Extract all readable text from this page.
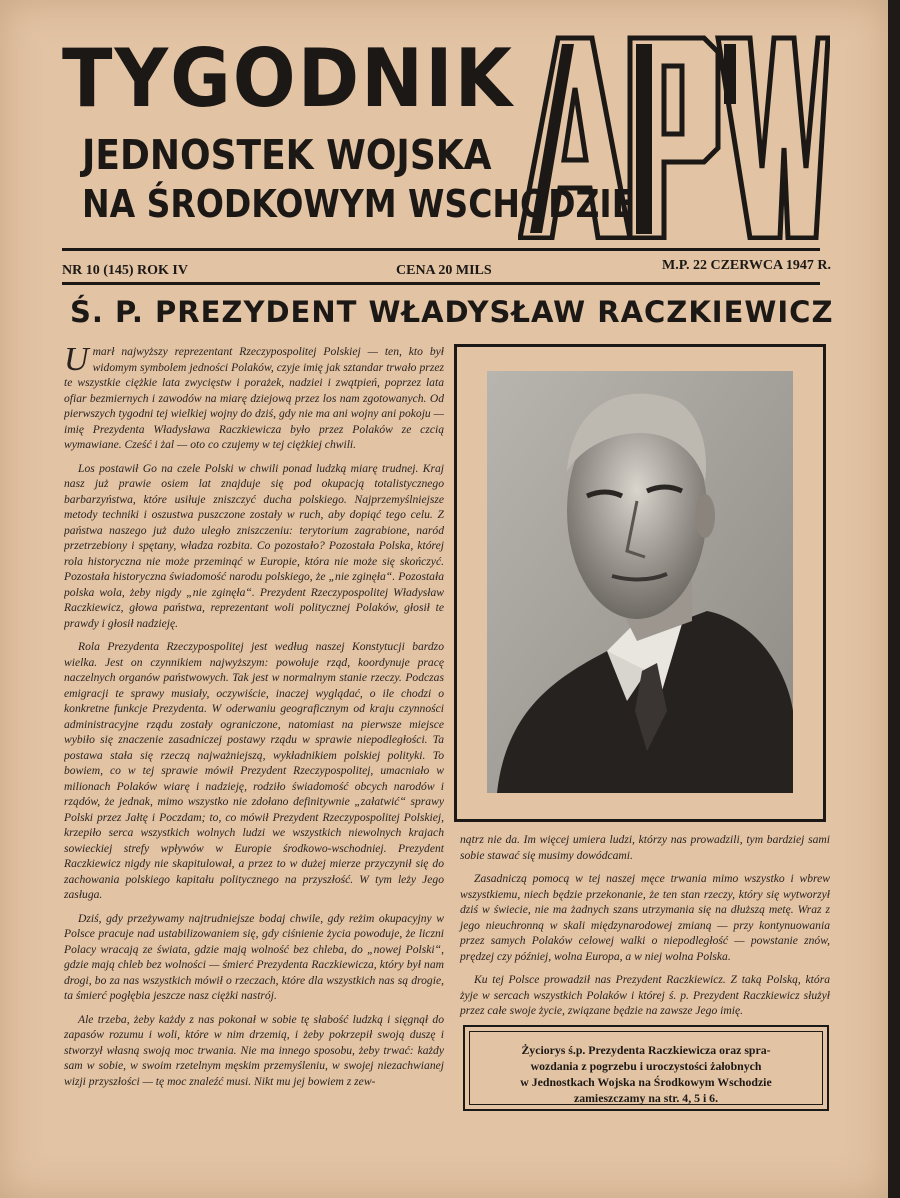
TYGODNIK
JEDNOSTEK WOJSKA
NA ŚRODKOWYM WSCHODZIE
NR 10 (145) ROK IV	CENA 20 MILS	M.P. 22 CZERWCA 1947 R.
Ś. P. PREZYDENT WŁADYSŁAW RACZKIEWICZ

Umarł najwyższy reprezentant Rzeczypospolitej Polskiej — ten, kto był widomym symbolem jedności Polaków, czyje imię jak sztandar trwało przez te wszystkie ciężkie lata zwycięstw i porażek, nadziei i zwątpień, poprzez lata ofiar bezmiernych i zawodów na miarę dziejową przez los nam zgotowanych. Od pierwszych tygodni tej wielkiej wojny do dziś, gdy nie ma ani wojny ani pokoju — imię Prezydenta Władysława Raczkiewicza było przez Polaków ze czcią wymawiane. Cześć i żal — oto co czujemy w tej ciężkiej chwili.

Los postawił Go na czele Polski w chwili ponad ludzką miarę trudnej. Kraj nasz już prawie osiem lat znajduje się pod okupacją totalistycznego barbarzyństwa, które usiłuje zniszczyć ducha polskiego. Najprzemyślniejsze metody techniki i oszustwa puszczone zostały w ruch, aby dopiąć tego celu. Z państwa naszego już dużo uległo zniszczeniu: terytorium zagrabione, naród przetrzebiony i spętany, władza rozbita. Co pozostało? Pozostała Polska, której rola historyczna nie może przeminąć w Europie, która nie może się skończyć. Pozostała historyczna świadomość narodu polskiego, że „nie zginęła“. Pozostała polska wola, żeby nigdy „nie zginęła“. Prezydent Rzeczypospolitej Władysław Raczkiewicz, głowa państwa, reprezentant woli politycznej Polaków, głosił te prawdy i głosił nadzieję.

Rola Prezydenta Rzeczypospolitej jest według naszej Konstytucji bardzo wielka. Jest on czynnikiem najwyższym: powołuje rząd, koordynuje pracę naczelnych organów państwowych. Tak jest w normalnym stanie rzeczy. Podczas emigracji te sprawy musiały, oczywiście, inaczej wyglądać, o ile chodzi o konkretne funkcje Prezydenta. W oderwaniu geograficznym od kraju czynności administracyjne rządu zostały ograniczone, natomiast na pierwsze miejsce wybiło się znaczenie zasadniczej postawy rządu w sprawie niepodległości. Ta postawa stała się rzeczą najważniejszą, wykładnikiem polskiej polityki. To bowiem, co w tej sprawie mówił Prezydent Rzeczypospolitej, umacniało w milionach Polaków wiarę i nadzieję, rodziło świadomość obcych narodów i rządów, że jednak, mimo wszystko nie zdołano definitywnie „załatwić“ sprawy Polski przez Jałtę i Poczdam; to, co mówił Prezydent Rzeczypospolitej Polskiej, krzepiło serca wszystkich wolnych ludzi we wszystkich niewolnych krajach sowieckiej strefy wpływów w Europie środkowo-wschodniej. Prezydent Raczkiewicz nigdy nie skapitulował, a przez to w dużej mierze przyczynił się do zachowania polskiego kapitału politycznego na przyszłość. W tym leży Jego zasługa.

Dziś, gdy przeżywamy najtrudniejsze bodaj chwile, gdy reżim okupacyjny w Polsce pracuje nad ustabilizowaniem się, gdy ciśnienie życia powoduje, że liczni Polacy wracają ze świata, gdzie mają wolność bez chleba, do „nowej Polski“, gdzie mają chleb bez wolności — śmierć Prezydenta Raczkiewicza, który był nam drogi, bo za nas wszystkich mówił o rzeczach, które dla wszystkich nas są drogie, ta śmierć pogłębia jeszcze nasz ciężki nastrój.

Ale trzeba, żeby każdy z nas pokonał w sobie tę słabość ludzką i sięgnął do zapasów rozumu i woli, które w nim drzemią, i żeby pokrzepił swoją duszę i stworzył własną swoją moc trwania. Nie ma innego sposobu, żeby trwać: każdy sam w sobie, w swoim rzetelnym męskim przemyśleniu, w swojej niezachwianej wizji przyszłości — tę moc znaleźć musi. Nikt mu jej bowiem z zew-

nątrz nie da. Im więcej umiera ludzi, którzy nas prowadzili, tym bardziej sami sobie stawać się musimy dowódcami.

Zasadniczą pomocą w tej naszej męce trwania mimo wszystko i wbrew wszystkiemu, niech będzie przekonanie, że ten stan rzeczy, który się wytworzył dziś w świecie, nie ma żadnych szans utrzymania się na dłuższą metę. Wraz z jego nieuchronną w skali międzynarodowej zmianą — przy kontynuowania przez samych Polaków celowej walki o niepodległość — powstanie znów, prędzej czy później, wolna Europa, a w niej wolna Polska.

Ku tej Polsce prowadził nas Prezydent Raczkiewicz. Z taką Polską, która żyje w sercach wszystkich Polaków i której ś. p. Prezydent Raczkiewicz służył przez całe swoje życie, związane będzie na zawsze Jego imię.

Życiorys ś.p. Prezydenta Raczkiewicza oraz spra-
wozdania z pogrzebu i uroczystości żałobnych
w Jednostkach Wojska na Środkowym Wschodzie
zamieszczamy na str. 4, 5 i 6.
